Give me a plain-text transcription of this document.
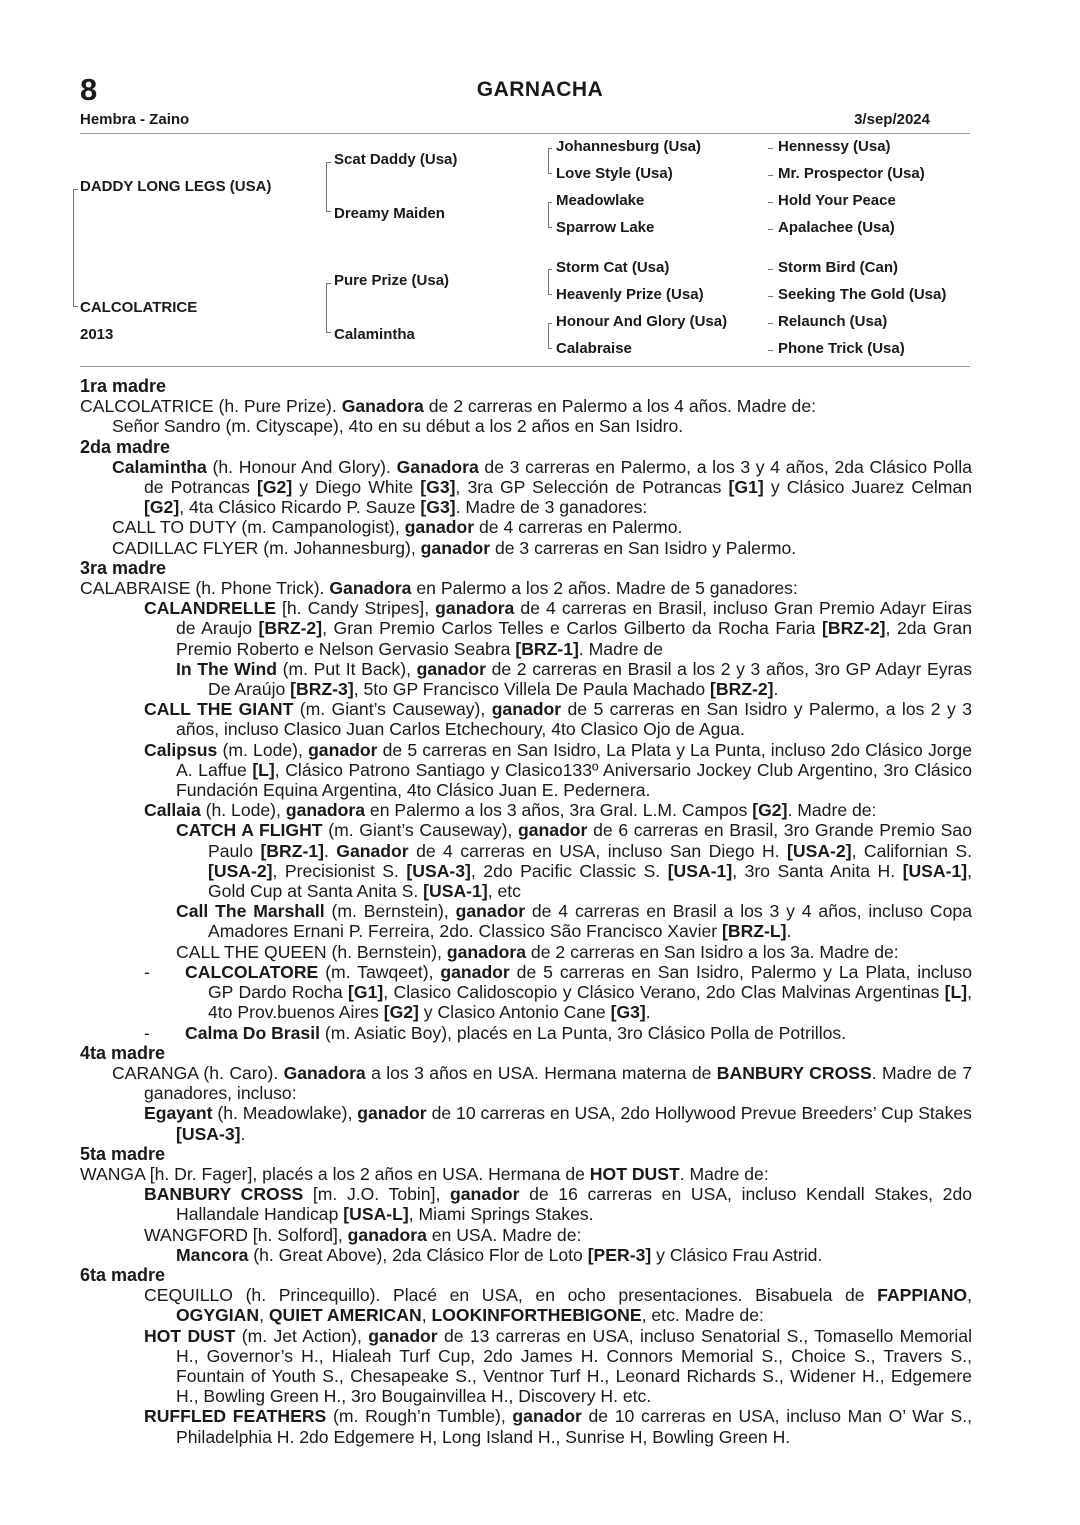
8	GARNACHA
Hembra - Zaino	3/sep/2024
DADDY LONG LEGS (USA)
CALCOLATRICE
2013
Scat Daddy (Usa)
Dreamy Maiden
Pure Prize (Usa)
Calamintha
Johannesburg (Usa)
Love Style (Usa)
Meadowlake
Sparrow Lake
Storm Cat (Usa)
Heavenly Prize (Usa)
Honour And Glory (Usa)
Calabraise
Hennessy (Usa)
Mr. Prospector (Usa)
Hold Your Peace
Apalachee (Usa)
Storm Bird (Can)
Seeking The Gold (Usa)
Relaunch (Usa)
Phone Trick (Usa)
1ra madre

CALCOLATRICE (h. Pure Prize). Ganadora de 2 carreras en Palermo a los 4 años. Madre de:

Señor Sandro (m. Cityscape), 4to en su début a los 2 años en San Isidro.

2da madre

Calamintha (h. Honour And Glory). Ganadora de 3 carreras en Palermo, a los 3 y 4 años, 2da Clásico Polla de Potrancas [G2] y Diego White [G3], 3ra GP Selección de Potrancas [G1] y Clásico Juarez Celman [G2], 4ta Clásico Ricardo P. Sauze [G3]. Madre de 3 ganadores:

CALL TO DUTY (m. Campanologist), ganador de 4 carreras en Palermo.

CADILLAC FLYER (m. Johannesburg), ganador de 3 carreras en San Isidro y Palermo.

3ra madre

CALABRAISE (h. Phone Trick). Ganadora en Palermo a los 2 años. Madre de 5 ganadores:

CALANDRELLE [h. Candy Stripes], ganadora de 4 carreras en Brasil, incluso Gran Premio Adayr Eiras de Araujo [BRZ-2], Gran Premio Carlos Telles e Carlos Gilberto da Rocha Faria [BRZ-2], 2da Gran Premio Roberto e Nelson Gervasio Seabra [BRZ-1]. Madre de

In The Wind (m. Put It Back), ganador de 2 carreras en Brasil a los 2 y 3 años, 3ro GP Adayr Eyras De Araújo [BRZ-3], 5to GP Francisco Villela De Paula Machado [BRZ-2].

CALL THE GIANT (m. Giant’s Causeway), ganador de 5 carreras en San Isidro y Palermo, a los 2 y 3 años, incluso Clasico Juan Carlos Etchechoury, 4to Clasico Ojo de Agua.

Calipsus (m. Lode), ganador de 5 carreras en San Isidro, La Plata y La Punta, incluso 2do Clásico Jorge A. Laffue [L], Clásico Patrono Santiago y Clasico133º Aniversario Jockey Club Argentino, 3ro Clásico Fundación Equina Argentina, 4to Clásico Juan E. Pedernera.

Callaia (h. Lode), ganadora en Palermo a los 3 años, 3ra Gral. L.M. Campos [G2]. Madre de:

CATCH A FLIGHT (m. Giant’s Causeway), ganador de 6 carreras en Brasil, 3ro Grande Premio Sao Paulo [BRZ-1]. Ganador de 4 carreras en USA, incluso San Diego H. [USA-2], Californian S. [USA-2], Precisionist S. [USA-3], 2do Pacific Classic S. [USA-1], 3ro Santa Anita H. [USA-1], Gold Cup at Santa Anita S. [USA-1], etc

Call The Marshall (m. Bernstein), ganador de 4 carreras en Brasil a los 3 y 4 años, incluso Copa Amadores Ernani P. Ferreira, 2do. Classico São Francisco Xavier [BRZ-L].

CALL THE QUEEN (h. Bernstein), ganadora de 2 carreras en San Isidro a los 3a. Madre de:

-  CALCOLATORE (m. Tawqeet), ganador de 5 carreras en San Isidro, Palermo y La Plata, incluso GP Dardo Rocha [G1], Clasico Calidoscopio y Clásico Verano, 2do Clas Malvinas Argentinas [L], 4to Prov.buenos Aires [G2] y Clasico Antonio Cane [G3].

-  Calma Do Brasil (m. Asiatic Boy), placés en La Punta, 3ro Clásico Polla de Potrillos.

4ta madre

CARANGA (h. Caro). Ganadora a los 3 años en USA. Hermana materna de BANBURY CROSS. Madre de 7 ganadores, incluso:

Egayant (h. Meadowlake), ganador de 10 carreras en USA, 2do Hollywood Prevue Breeders’ Cup Stakes [USA-3].

5ta madre

WANGA [h. Dr. Fager], placés a los 2 años en USA. Hermana de HOT DUST. Madre de:

BANBURY CROSS [m. J.O. Tobin], ganador de 16 carreras en USA, incluso Kendall Stakes, 2do Hallandale Handicap [USA-L], Miami Springs Stakes.

WANGFORD [h. Solford], ganadora en USA. Madre de:

Mancora (h. Great Above), 2da Clásico Flor de Loto [PER-3] y Clásico Frau Astrid.

6ta madre

CEQUILLO (h. Princequillo). Placé en USA, en ocho presentaciones. Bisabuela de FAPPIANO, OGYGIAN, QUIET AMERICAN, LOOKINFORTHEBIGONE, etc. Madre de:

HOT DUST (m. Jet Action), ganador de 13 carreras en USA, incluso Senatorial S., Tomasello Memorial H., Governor’s H., Hialeah Turf Cup, 2do James H. Connors Memorial S., Choice S., Travers S., Fountain of Youth S., Chesapeake S., Ventnor Turf H., Leonard Richards S., Widener H., Edgemere H., Bowling Green H., 3ro Bougainvillea H., Discovery H. etc.

RUFFLED FEATHERS (m. Rough’n Tumble), ganador de 10 carreras en USA, incluso Man O’ War S., Philadelphia H. 2do Edgemere H, Long Island H., Sunrise H, Bowling Green H.
